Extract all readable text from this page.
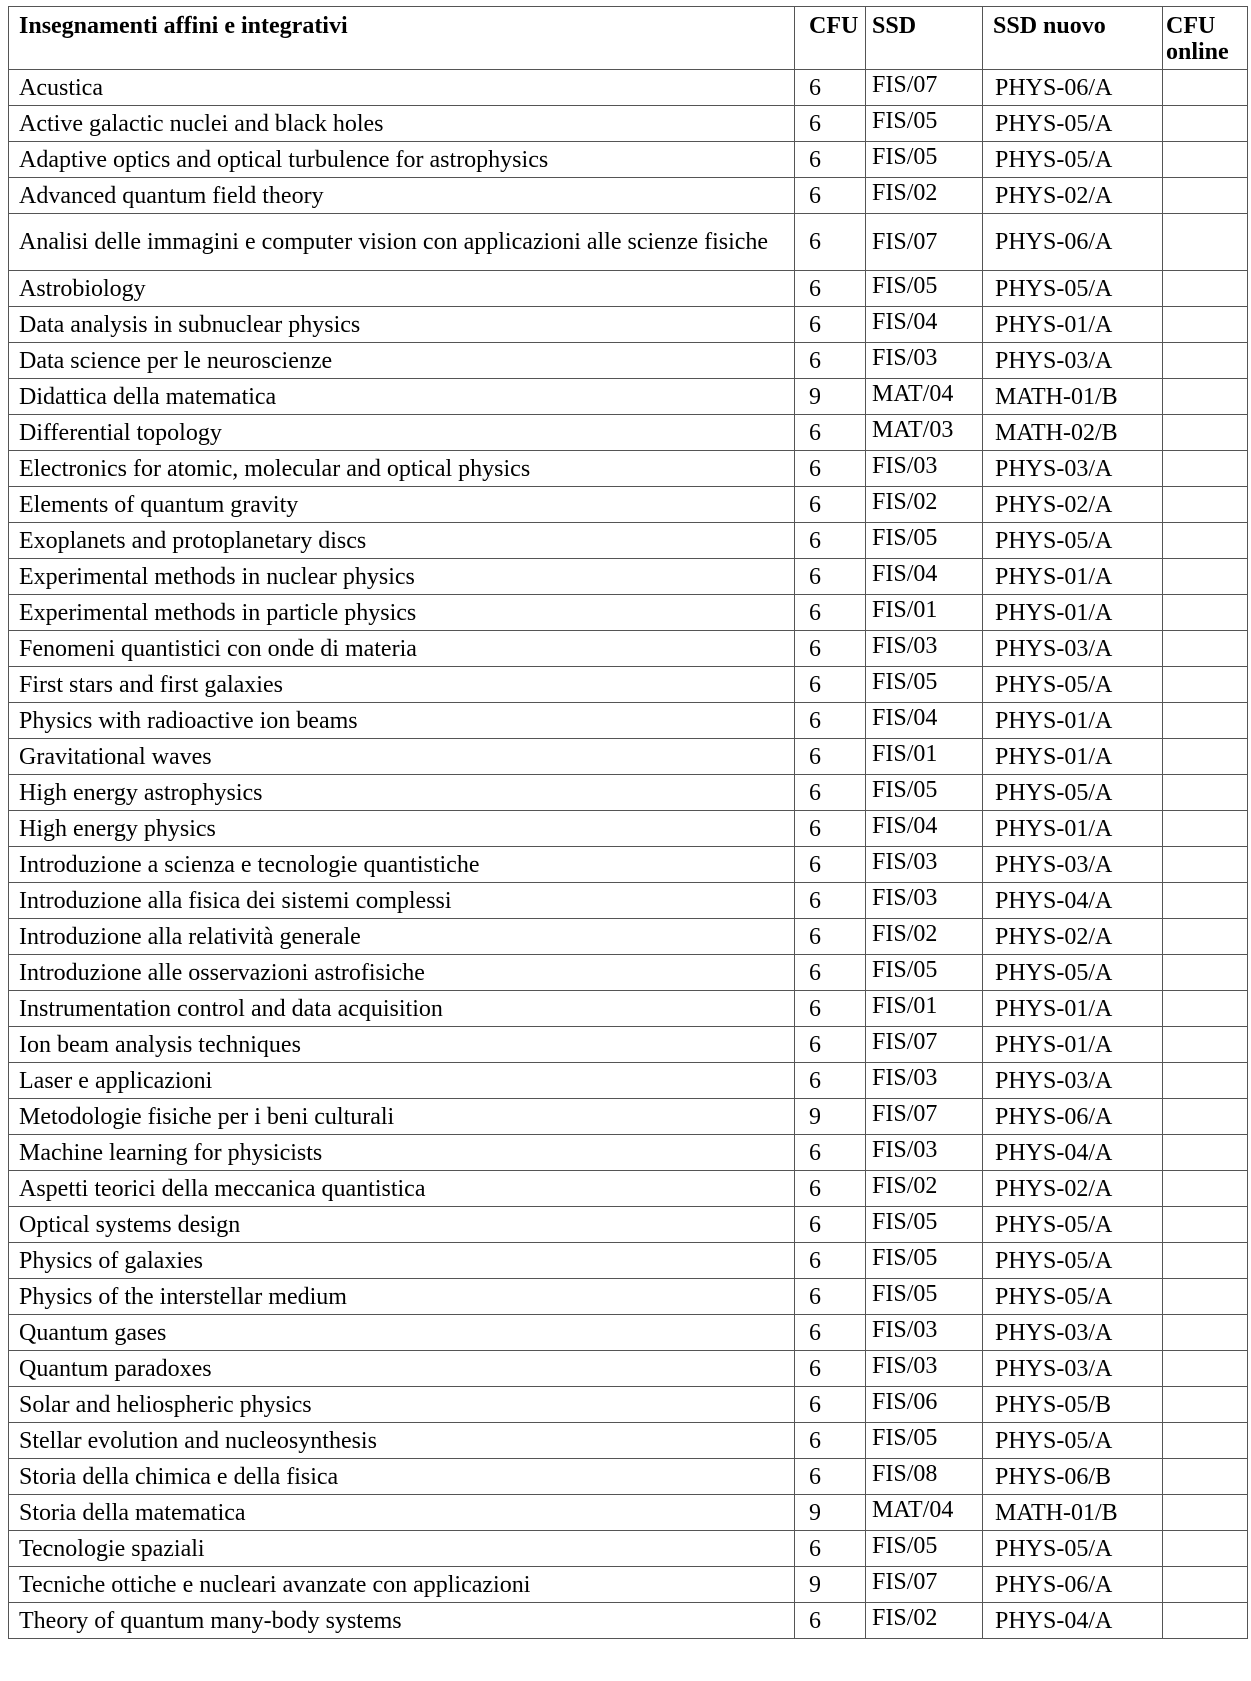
Insegnamenti affini e integrativi	CFU	SSD	SSD nuovo	CFU online
Acustica	6	FIS/07	PHYS-06/A	
Active galactic nuclei and black holes	6	FIS/05	PHYS-05/A	
Adaptive optics and optical turbulence for astrophysics	6	FIS/05	PHYS-05/A	
Advanced quantum field theory	6	FIS/02	PHYS-02/A	
Analisi delle immagini e computer vision con applicazioni alle scienze fisiche	6	FIS/07	PHYS-06/A	
Astrobiology	6	FIS/05	PHYS-05/A	
Data analysis in subnuclear physics	6	FIS/04	PHYS-01/A	
Data science per le neuroscienze	6	FIS/03	PHYS-03/A	
Didattica della matematica	9	MAT/04	MATH-01/B	
Differential topology	6	MAT/03	MATH-02/B	
Electronics for atomic, molecular and optical physics	6	FIS/03	PHYS-03/A	
Elements of quantum gravity	6	FIS/02	PHYS-02/A	
Exoplanets and protoplanetary discs	6	FIS/05	PHYS-05/A	
Experimental methods in nuclear physics	6	FIS/04	PHYS-01/A	
Experimental methods in particle physics	6	FIS/01	PHYS-01/A	
Fenomeni quantistici con onde di materia	6	FIS/03	PHYS-03/A	
First stars and first galaxies	6	FIS/05	PHYS-05/A	
Physics with radioactive ion beams	6	FIS/04	PHYS-01/A	
Gravitational waves	6	FIS/01	PHYS-01/A	
High energy astrophysics	6	FIS/05	PHYS-05/A	
High energy physics	6	FIS/04	PHYS-01/A	
Introduzione a scienza e tecnologie quantistiche	6	FIS/03	PHYS-03/A	
Introduzione alla fisica dei sistemi complessi	6	FIS/03	PHYS-04/A	
Introduzione alla relatività generale	6	FIS/02	PHYS-02/A	
Introduzione alle osservazioni astrofisiche	6	FIS/05	PHYS-05/A	
Instrumentation control and data acquisition	6	FIS/01	PHYS-01/A	
Ion beam analysis techniques	6	FIS/07	PHYS-01/A	
Laser e applicazioni	6	FIS/03	PHYS-03/A	
Metodologie fisiche per i beni culturali	9	FIS/07	PHYS-06/A	
Machine learning for physicists	6	FIS/03	PHYS-04/A	
Aspetti teorici della meccanica quantistica	6	FIS/02	PHYS-02/A	
Optical systems design	6	FIS/05	PHYS-05/A	
Physics of galaxies	6	FIS/05	PHYS-05/A	
Physics of the interstellar medium	6	FIS/05	PHYS-05/A	
Quantum gases	6	FIS/03	PHYS-03/A	
Quantum paradoxes	6	FIS/03	PHYS-03/A	
Solar and heliospheric physics	6	FIS/06	PHYS-05/B	
Stellar evolution and nucleosynthesis	6	FIS/05	PHYS-05/A	
Storia della chimica e della fisica	6	FIS/08	PHYS-06/B	
Storia della matematica	9	MAT/04	MATH-01/B	
Tecnologie spaziali	6	FIS/05	PHYS-05/A	
Tecniche ottiche e nucleari avanzate con applicazioni	9	FIS/07	PHYS-06/A	
Theory of quantum many-body systems	6	FIS/02	PHYS-04/A	
